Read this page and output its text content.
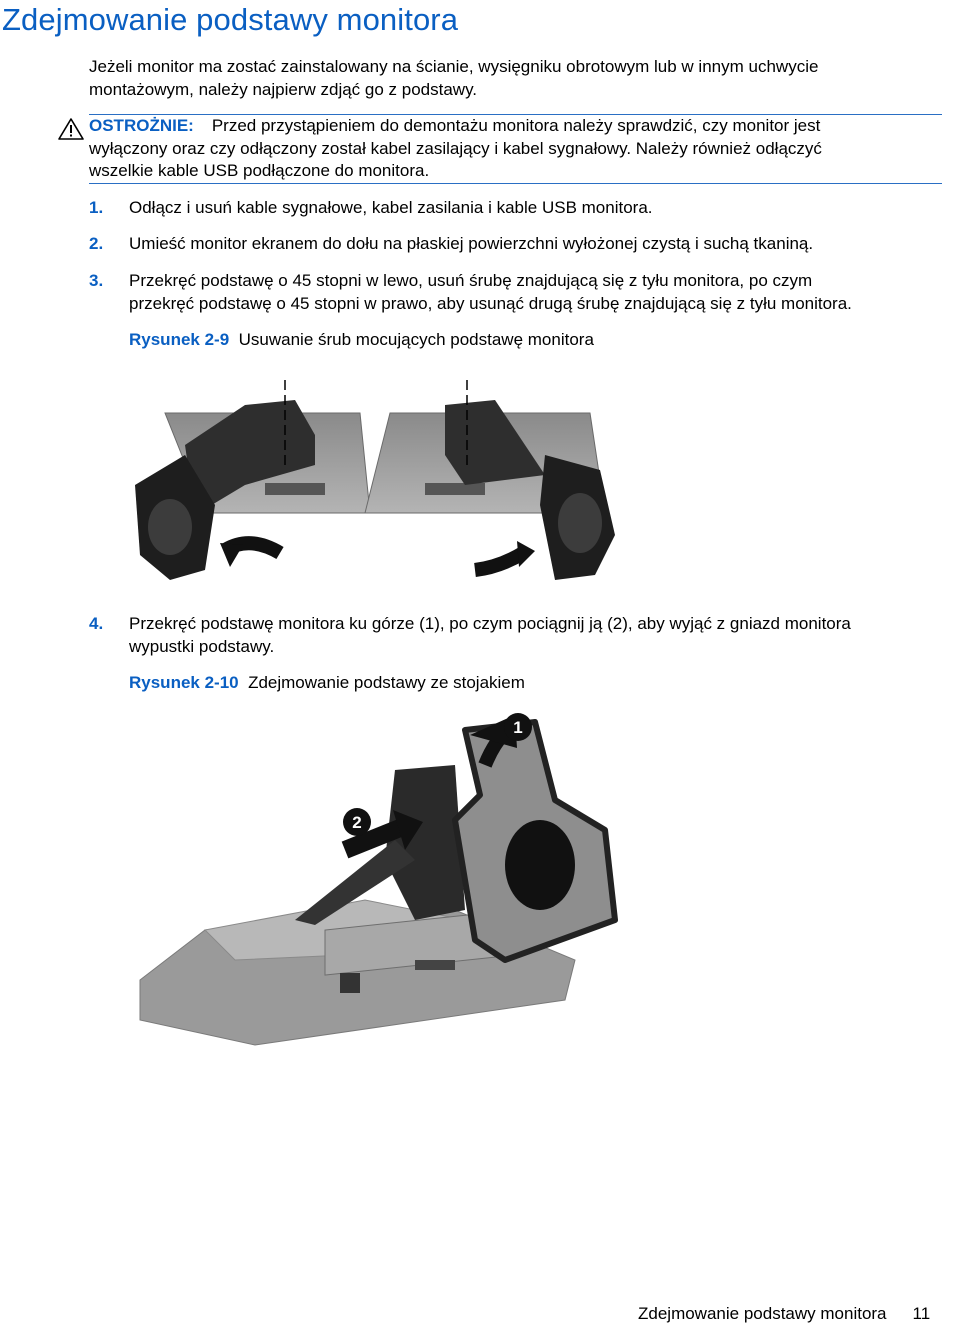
Zdejmowanie podstawy monitora
Jeżeli monitor ma zostać zainstalowany na ścianie, wysięgniku obrotowym lub w innym uchwycie
montażowym, należy najpierw zdjąć go z podstawy.
OSTROŻNIE: Przed przystąpieniem do demontażu monitora należy sprawdzić, czy monitor jest
wyłączony oraz czy odłączony został kabel zasilający i kabel sygnałowy. Należy również odłączyć
wszelkie kable USB podłączone do monitora.
1. Odłącz i usuń kable sygnałowe, kabel zasilania i kable USB monitora.
2. Umieść monitor ekranem do dołu na płaskiej powierzchni wyłożonej czystą i suchą tkaniną.
3. Przekręć podstawę o 45 stopni w lewo, usuń śrubę znajdującą się z tyłu monitora, po czym
przekręć podstawę o 45 stopni w prawo, aby usunąć drugą śrubę znajdującą się z tyłu monitora.
Rysunek 2-9 Usuwanie śrub mocujących podstawę monitora
4. Przekręć podstawę monitora ku górze (1), po czym pociągnij ją (2), aby wyjąć z gniazd monitora
wypustki podstawy.
Rysunek 2-10 Zdejmowanie podstawy ze stojakiem
1
2
Zdejmowanie podstawy monitora 11
